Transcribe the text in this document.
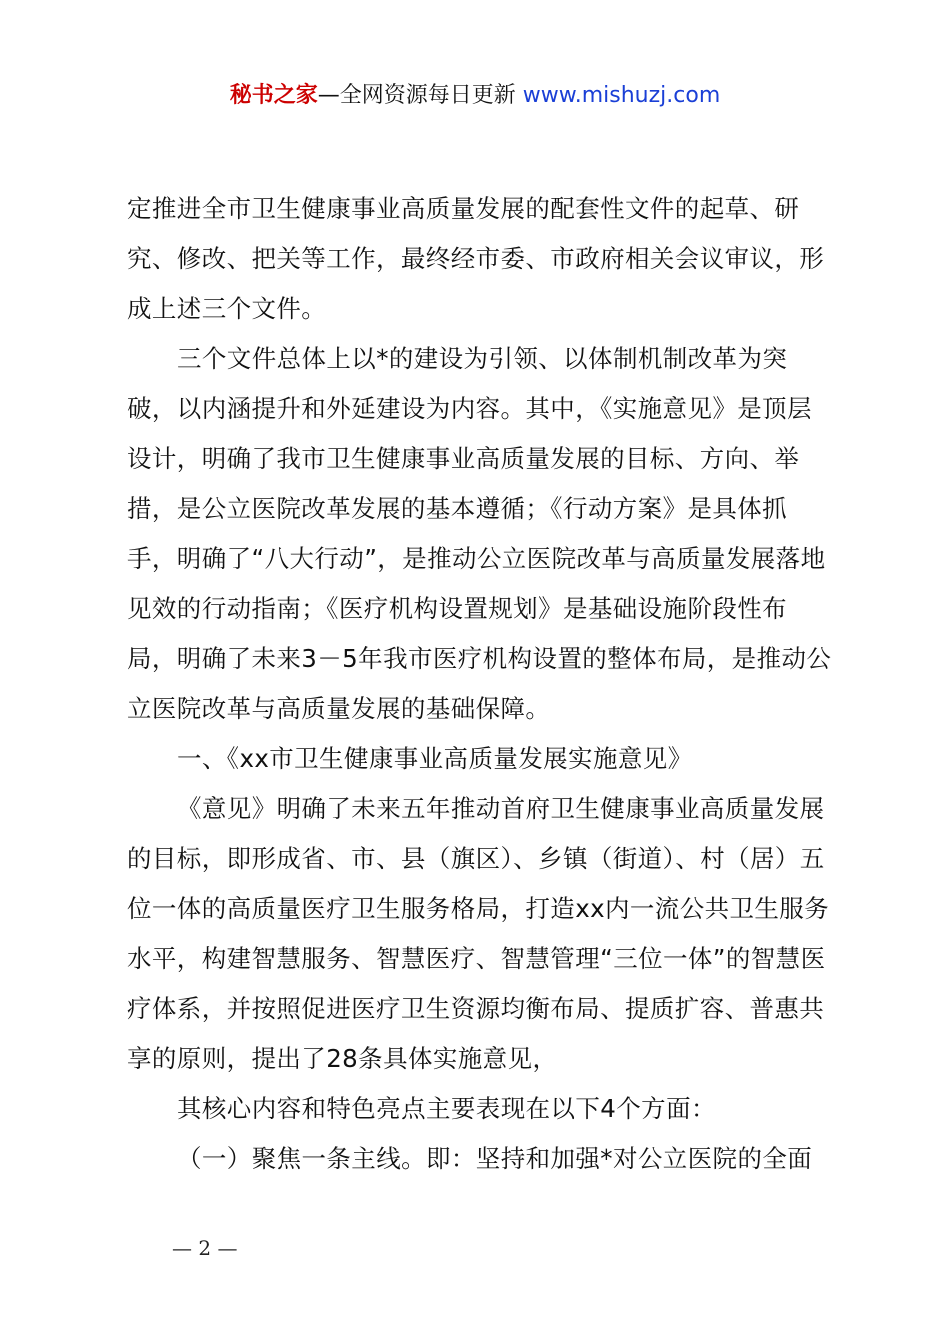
秘书之家—全网资源每日更新 www.mishuzj.com

定推进全市卫生健康事业高质量发展的配套性文件的起草、研究、修改、把关等工作，最终经市委、市政府相关会议审议，形成上述三个文件。

三个文件总体上以*的建设为引领、以体制机制改革为突破，以内涵提升和外延建设为内容。其中，《实施意见》是顶层设计，明确了我市卫生健康事业高质量发展的目标、方向、举措，是公立医院改革发展的基本遵循；《行动方案》是具体抓手，明确了“八大行动”，是推动公立医院改革与高质量发展落地见效的行动指南；《医疗机构设置规划》是基础设施阶段性布局，明确了未来3－5年我市医疗机构设置的整体布局，是推动公立医院改革与高质量发展的基础保障。

一、《xx市卫生健康事业高质量发展实施意见》

《意见》明确了未来五年推动首府卫生健康事业高质量发展的目标，即形成省、市、县（旗区）、乡镇（街道）、村（居）五位一体的高质量医疗卫生服务格局，打造xx内一流公共卫生服务水平，构建智慧服务、智慧医疗、智慧管理“三位一体”的智慧医疗体系，并按照促进医疗卫生资源均衡布局、提质扩容、普惠共享的原则，提出了28条具体实施意见，

其核心内容和特色亮点主要表现在以下4个方面：

（一）聚焦一条主线。即：坚持和加强*对公立医院的全面

— 2 —
